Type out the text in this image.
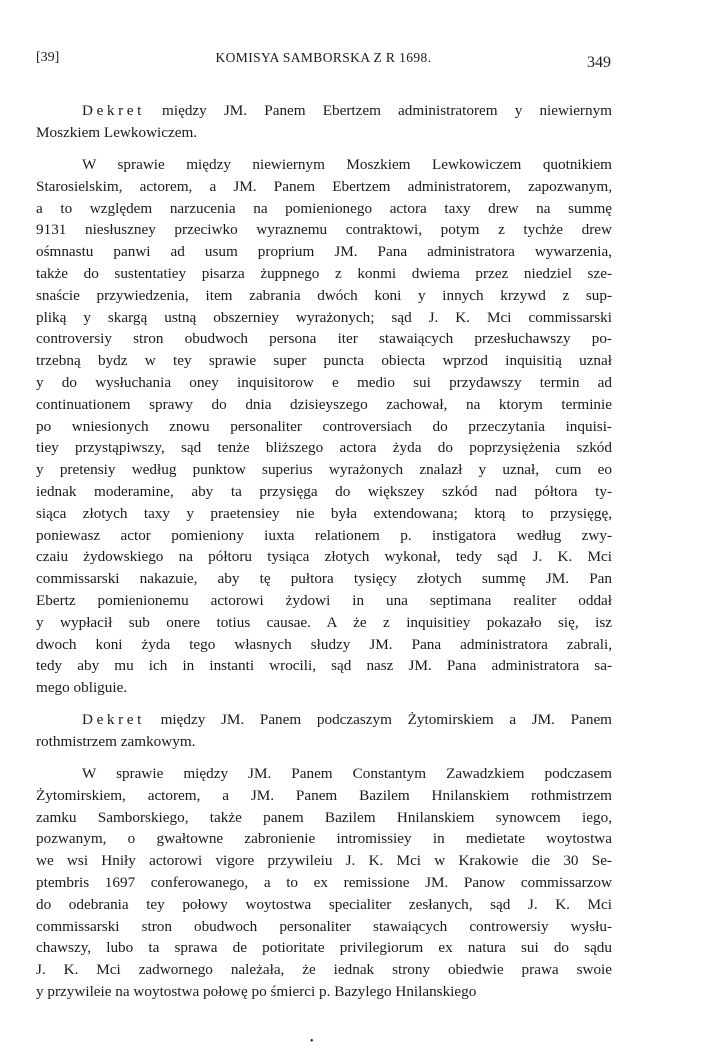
[39]	KOMISYA SAMBORSKA Z R 1698.	349
Dekret między JM. Panem Ebertzem administratorem y niewiernym
Moszkiem Lewkowiczem.
W sprawie między niewiernym Moszkiem Lewkowiczem quotnikiem
Starosielskim, actorem, a JM. Panem Ebertzem administratorem, zapozwanym,
a to względem narzucenia na pomienionego actora taxy drew na summę
9131 niesłuszney przeciwko wyraznemu contraktowi, potym z tychże drew
ośmnastu panwi ad usum proprium JM. Pana administratora wywarzenia,
także do sustentatiey pisarza żuppnego z konmi dwiema przez niedziel sze-
snaście przywiedzenia, item zabrania dwóch koni y innych krzywd z sup-
pliką y skargą ustną obszerniey wyrażonych; sąd J. K. Mci commissarski
controversiy stron obudwoch persona iter stawaiących przesłuchawszy po-
trzebną bydz w tey sprawie super puncta obiecta wprzod inquisitią uznał
y do wysłuchania oney inquisitorow e medio sui przydawszy termin ad
continuationem sprawy do dnia dzisieyszego zachował, na ktorym terminie
po wniesionych znowu personaliter controversiach do przeczytania inquisi-
tiey przystąpiwszy, sąd tenże bliższego actora żyda do poprzysiężenia szkód
y pretensiy według punktow superius wyrażonych znalazł y uznał, cum eo
iednak moderamine, aby ta przysięga do większey szkód nad półtora ty-
siąca złotych taxy y praetensiey nie była extendowana; ktorą to przysięgę,
poniewasz actor pomieniony iuxta relationem p. instigatora według zwy-
czaiu żydowskiego na półtoru tysiąca złotych wykonał, tedy sąd J. K. Mci
commissarski nakazuie, aby tę pułtora tysięcy złotych summę JM. Pan
Ebertz pomienionemu actorowi żydowi in una septimana realiter oddał
y wypłacił sub onere totius causae. A że z inquisitiey pokazało się, isz
dwoch koni żyda tego własnych słudzy JM. Pana administratora zabrali,
tedy aby mu ich in instanti wrocili, sąd nasz JM. Pana administratora sa-
mego obliguie.
Dekret między JM. Panem podczaszym Żytomirskiem a JM. Panem
rothmistrzem zamkowym.
W sprawie między JM. Panem Constantym Zawadzkiem podczasem
Żytomirskiem, actorem, a JM. Panem Bazilem Hnilanskiem rothmistrzem
zamku Samborskiego, także panem Bazilem Hnilanskiem synowcem iego,
pozwanym, o gwałtowne zabronienie intromissiey in medietate woytostwa
we wsi Hniły actorowi vigore przywileiu J. K. Mci w Krakowie die 30 Se-
ptembris 1697 conferowanego, a to ex remissione JM. Panow commissarzow
do odebrania tey połowy woytostwa specialiter zesłanych, sąd J. K. Mci
commissarski stron obudwoch personaliter stawaiących controwersiy wysłu-
chawszy, lubo ta sprawa de potioritate privilegiorum ex natura sui do sądu
J. K. Mci zadwornego należała, że iednak strony obiedwie prawa swoie
y przywileie na woytostwa połowę po śmierci p. Bazylego Hnilanskiego
•
